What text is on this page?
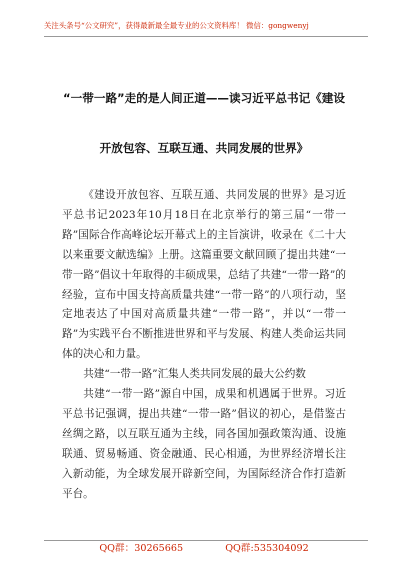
关注头条号“公文研究”，获得最新最全最专业的公文资料库！ 微信：gongwenyj
“一带一路”走的是人间正道——读习近平总书记《建设
开放包容、互联互通、共同发展的世界》

《建设开放包容、互联互通、共同发展的世界》是习近平总书记2023年10月18日在北京举行的第三届“一带一路”国际合作高峰论坛开幕式上的主旨演讲，收录在《二十大以来重要文献选编》上册。这篇重要文献回顾了提出共建“一带一路”倡议十年取得的丰硕成果，总结了共建“一带一路”的经验，宣布中国支持高质量共建“一带一路”的八项行动，坚定地表达了中国对高质量共建“一带一路”，并以“一带一路”为实践平台不断推进世界和平与发展、构建人类命运共同体的决心和力量。

共建“一带一路”汇集人类共同发展的最大公约数

共建“一带一路”源自中国，成果和机遇属于世界。习近平总书记强调，提出共建“一带一路”倡议的初心，是借鉴古丝绸之路，以互联互通为主线，同各国加强政策沟通、设施联通、贸易畅通、资金融通、民心相通，为世界经济增长注入新动能，为全球发展开辟新空间，为国际经济合作打造新平台。

QQ群：30265665	QQ群:535304092
